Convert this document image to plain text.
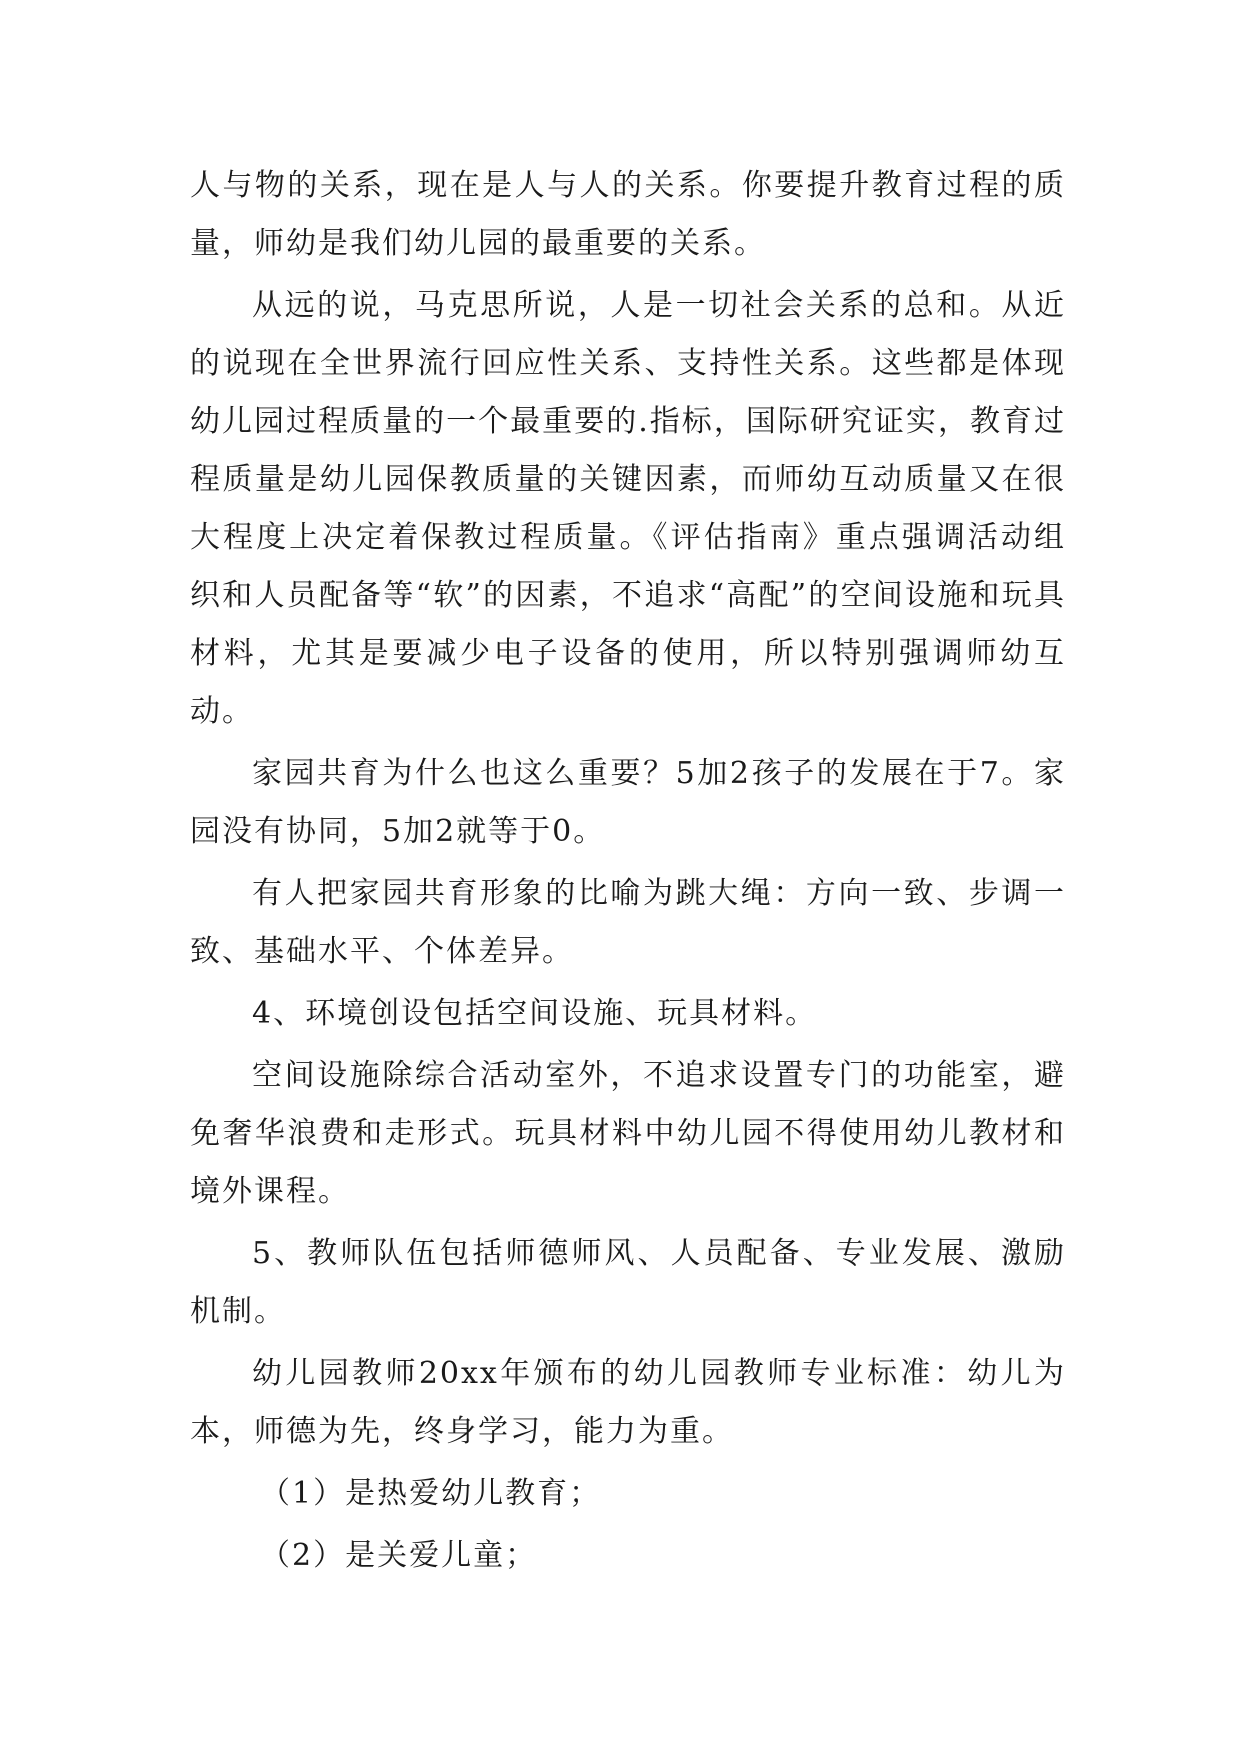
人与物的关系，现在是人与人的关系。你要提升教育过程的质量，师幼是我们幼儿园的最重要的关系。

从远的说，马克思所说，人是一切社会关系的总和。从近的说现在全世界流行回应性关系、支持性关系。这些都是体现幼儿园过程质量的一个最重要的.指标，国际研究证实，教育过程质量是幼儿园保教质量的关键因素，而师幼互动质量又在很大程度上决定着保教过程质量。《评估指南》重点强调活动组织和人员配备等“软”的因素，不追求“高配”的空间设施和玩具材料，尤其是要减少电子设备的使用，所以特别强调师幼互动。

家园共育为什么也这么重要？5加2孩子的发展在于7。家园没有协同，5加2就等于0。

有人把家园共育形象的比喻为跳大绳：方向一致、步调一致、基础水平、个体差异。

4、环境创设包括空间设施、玩具材料。

空间设施除综合活动室外，不追求设置专门的功能室，避免奢华浪费和走形式。玩具材料中幼儿园不得使用幼儿教材和境外课程。

5、教师队伍包括师德师风、人员配备、专业发展、激励机制。

幼儿园教师20xx年颁布的幼儿园教师专业标准：幼儿为本，师德为先，终身学习，能力为重。

（1）是热爱幼儿教育；

（2）是关爱儿童；
